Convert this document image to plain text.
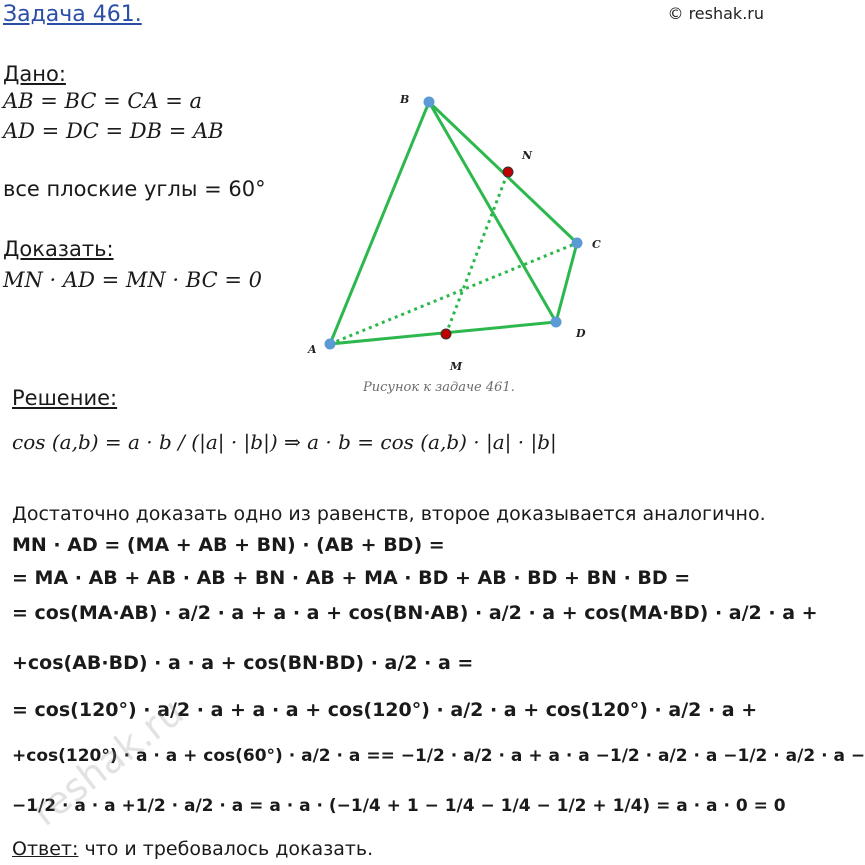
Задача 461.	© reshak.ru
Дано:
AB = BC = CA = a
AD = DC = DB = AB
все плоские углы = 60°
Доказать:
MN · AD = MN · BC = 0
B
N
C
D
A
M
Рисунок к задаче 461.
Решение:
cos (a,b) = a · b / (|a| · |b|) ⇒ a · b = cos (a,b) · |a| · |b|
Достаточно доказать одно из равенств, второе доказывается аналогично.
MN · AD = (MA + AB + BN) · (AB + BD) =
= MA · AB + AB · AB + BN · AB + MA · BD + AB · BD + BN · BD =
= cos(MA·AB) · a/2 · a + a · a + cos(BN·AB) · a/2 · a + cos(MA·BD) · a/2 · a +
+cos(AB·BD) · a · a + cos(BN·BD) · a/2 · a =
= cos(120°) · a/2 · a + a · a + cos(120°) · a/2 · a + cos(120°) · a/2 · a +
+cos(120°) · a · a + cos(60°) · a/2 · a == −1/2 · a/2 · a + a · a −1/2 · a/2 · a −1/2 · a/2 · a −
−1/2 · a · a +1/2 · a/2 · a = a · a · (−1/4 + 1 − 1/4 − 1/4 − 1/2 + 1/4) = a · a · 0 = 0
Ответ: что и требовалось доказать.
reshak.ru
